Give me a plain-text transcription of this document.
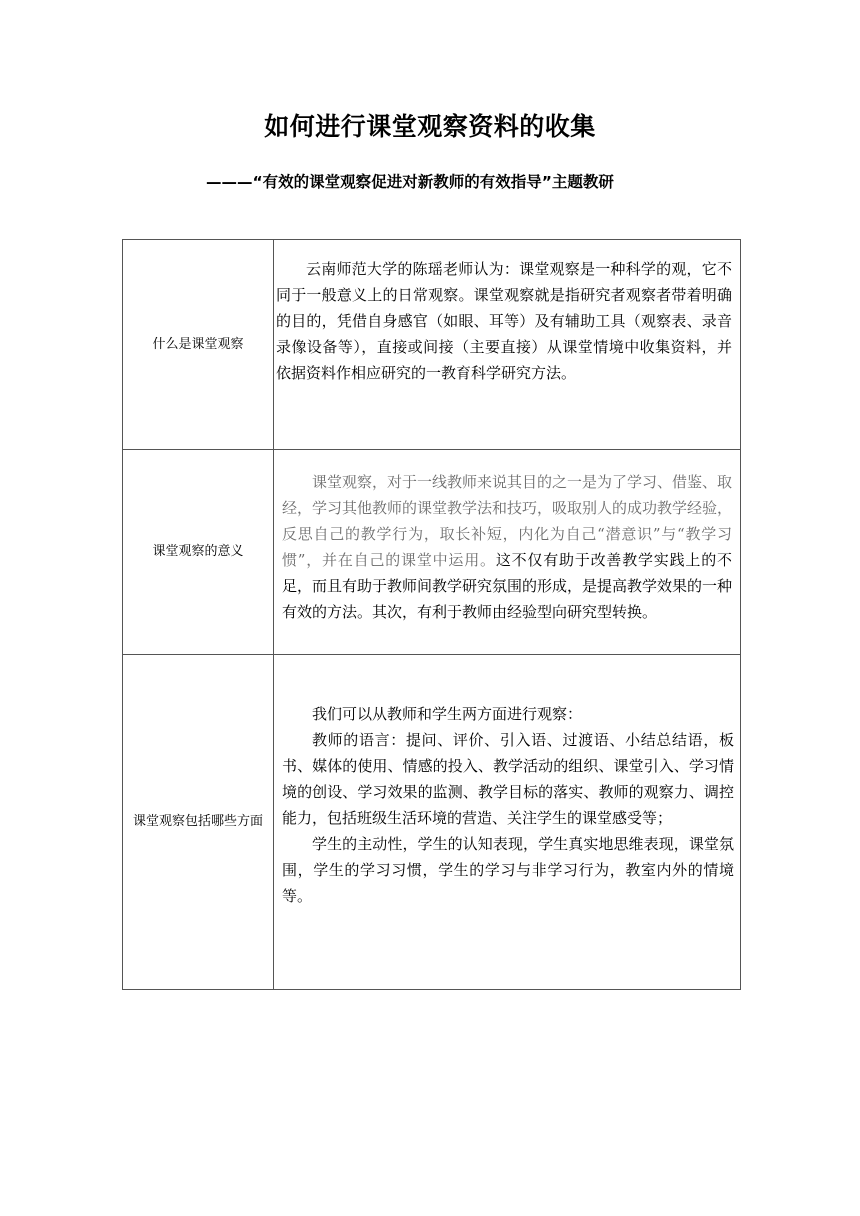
如何进行课堂观察资料的收集
———“有效的课堂观察促进对新教师的有效指导”主题教研
什么是课堂观察	云南师范大学的陈瑶老师认为：课堂观察是一种科学的观，它不同于一般意义上的日常观察。课堂观察就是指研究者观察者带着明确的目的，凭借自身感官（如眼、耳等）及有辅助工具（观察表、录音录像设备等），直接或间接（主要直接）从课堂情境中收集资料，并依据资料作相应研究的一教育科学研究方法。

课堂观察的意义	课堂观察，对于一线教师来说其目的之一是为了学习、借鉴、取经，学习其他教师的课堂教学法和技巧，吸取别人的成功教学经验，反思自己的教学行为，取长补短，内化为自己“潜意识”与“教学习惯”，并在自己的课堂中运用。这不仅有助于改善教学实践上的不足，而且有助于教师间教学研究氛围的形成，是提高教学效果的一种有效的方法。其次，有利于教师由经验型向研究型转换。

课堂观察包括哪些方面	我们可以从教师和学生两方面进行观察：

教师的语言：提问、评价、引入语、过渡语、小结总结语，板书、媒体的使用、情感的投入、教学活动的组织、课堂引入、学习情境的创设、学习效果的监测、教学目标的落实、教师的观察力、调控能力，包括班级生活环境的营造、关注学生的课堂感受等；

学生的主动性，学生的认知表现，学生真实地思维表现，课堂氛围，学生的学习习惯，学生的学习与非学习行为，教室内外的情境等。
